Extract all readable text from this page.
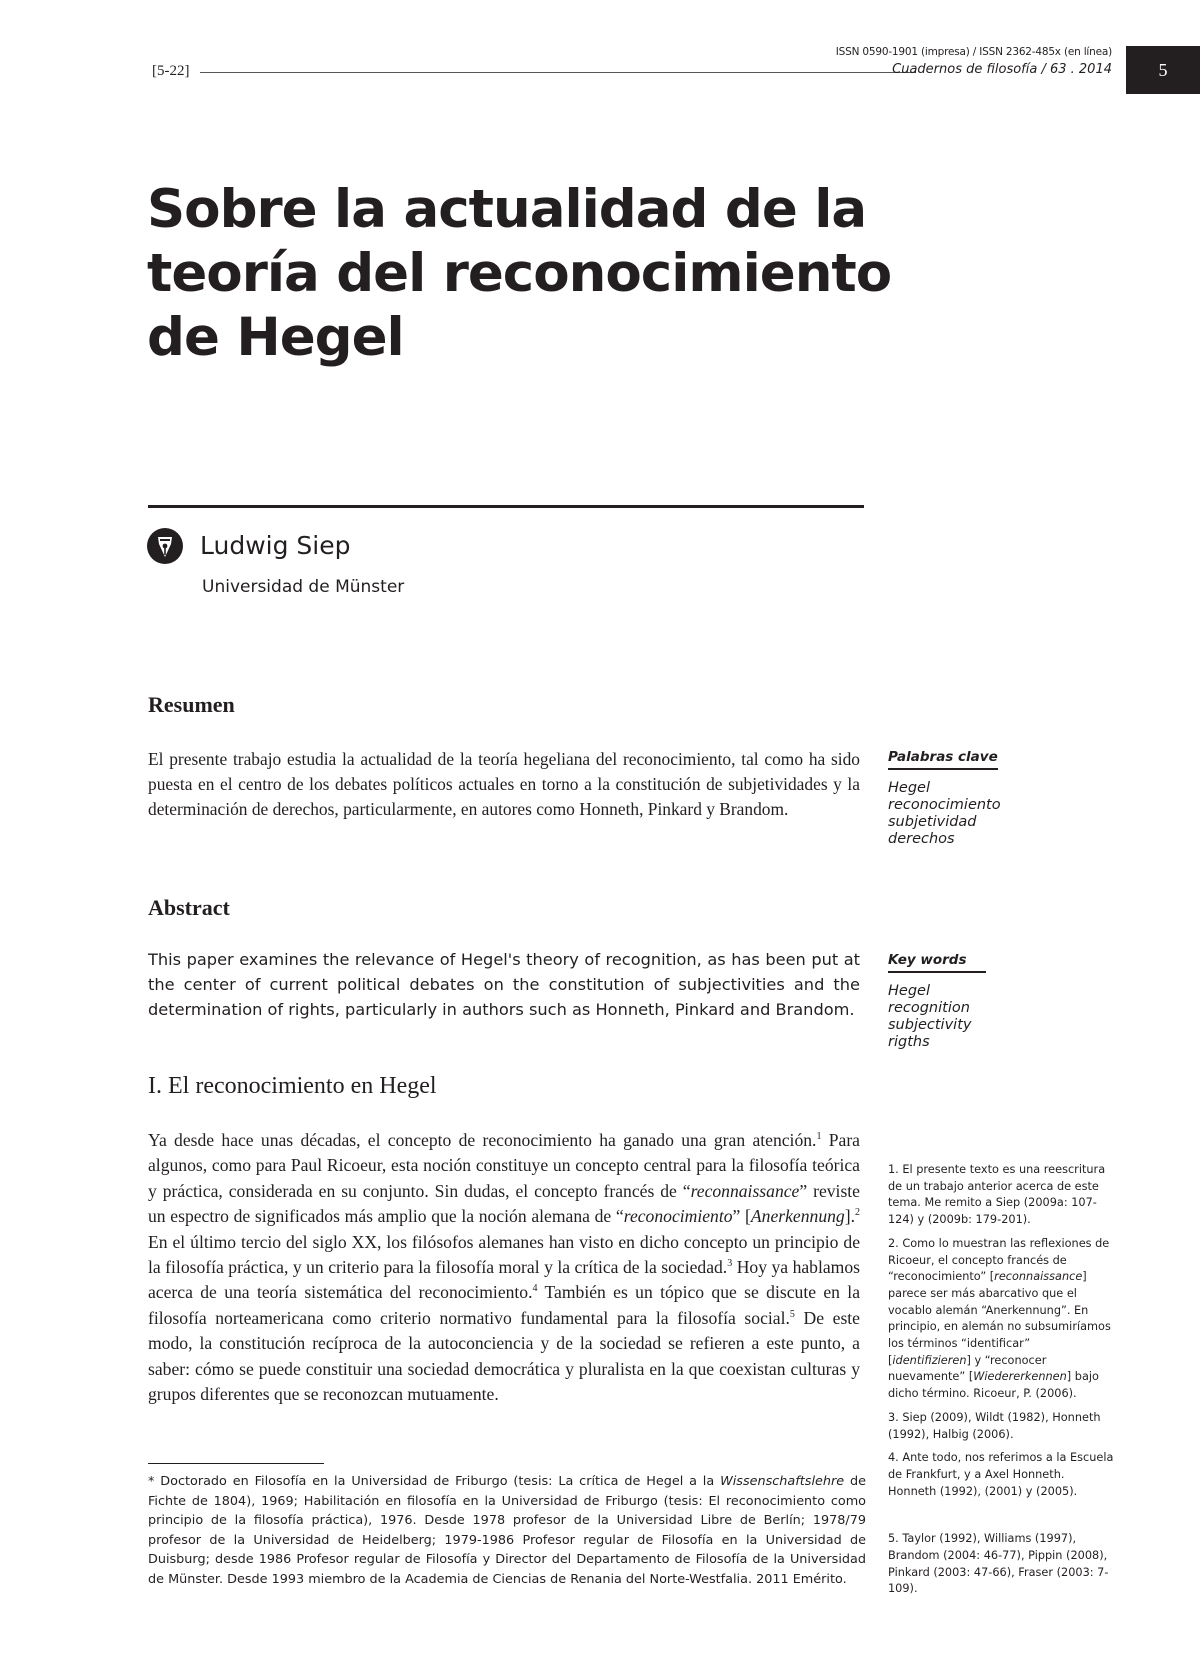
[5-22]
ISSN 0590-1901 (impresa) / ISSN 2362-485x (en línea)
Cuadernos de filosofía / 63 . 2014	5
Sobre la actualidad de la teoría del reconocimiento de Hegel
Ludwig Siep
Universidad de Münster
Resumen
El presente trabajo estudia la actualidad de la teoría hegeliana del reconocimiento, tal como ha sido puesta en el centro de los debates políticos actuales en torno a la constitución de subjetividades y la determinación de derechos, particularmente, en autores como Honneth, Pinkard y Brandom.
Palabras clave
Hegel
reconocimiento
subjetividad
derechos
Abstract
This paper examines the relevance of Hegel's theory of recognition, as has been put at the center of current political debates on the constitution of subjectivities and the determination of rights, particularly in authors such as Honneth, Pinkard and Brandom.
Key words
Hegel
recognition
subjectivity
rigths
I. El reconocimiento en Hegel

Ya desde hace unas décadas, el concepto de reconocimiento ha ganado una gran atención.$^1$ Para algunos, como para Paul Ricoeur, esta noción constituye un concepto central para la filosofía teórica y práctica, considerada en su conjunto. Sin dudas, el concepto francés de “reconnaissance” reviste un espectro de significados más amplio que la noción alemana de “reconocimiento” [Anerkennung].$^2$ En el último tercio del siglo XX, los filósofos alemanes han visto en dicho concepto un principio de la filosofía práctica, y un criterio para la filosofía moral y la crítica de la sociedad.$^3$ Hoy ya hablamos acerca de una teoría sistemática del reconocimiento.$^4$ También es un tópico que se discute en la filosofía norteamericana como criterio normativo fundamental para la filosofía social.$^5$ De este modo, la constitución recíproca de la autoconciencia y de la sociedad se refieren a este punto, a saber: cómo se puede constituir una sociedad democrática y pluralista en la que coexistan culturas y grupos diferentes que se reconozcan mutuamente.

* Doctorado en Filosofía en la Universidad de Friburgo (tesis: La crítica de Hegel a la Wissenschaftslehre de Fichte de 1804), 1969; Habilitación en filosofía en la Universidad de Friburgo (tesis: El reconocimiento como principio de la filosofía práctica), 1976. Desde 1978 profesor de la Universidad Libre de Berlín; 1978/79 profesor de la Universidad de Heidelberg; 1979-1986 Profesor regular de Filosofía en la Universidad de Duisburg; desde 1986 Profesor regular de Filosofía y Director del Departamento de Filosofía de la Universidad de Münster. Desde 1993 miembro de la Academia de Ciencias de Renania del Norte-Westfalia. 2011 Emérito.

1. El presente texto es una reescritura de un trabajo anterior acerca de este tema. Me remito a Siep (2009a: 107-124) y (2009b: 179-201).

2. Como lo muestran las reflexiones de Ricoeur, el concepto francés de “reconocimiento” [reconnaissance] parece ser más abarcativo que el vocablo alemán “Anerkennung”. En principio, en alemán no subsumiríamos los términos “identificar” [identifizieren] y “reconocer nuevamente” [Wiedererkennen] bajo dicho término. Ricoeur, P. (2006).

3. Siep (2009), Wildt (1982), Honneth (1992), Halbig (2006).

4. Ante todo, nos referimos a la Escuela de Frankfurt, y a Axel Honneth. Honneth (1992), (2001) y (2005).

5. Taylor (1992), Williams (1997), Brandom (2004: 46-77), Pippin (2008), Pinkard (2003: 47-66), Fraser (2003: 7-109).
